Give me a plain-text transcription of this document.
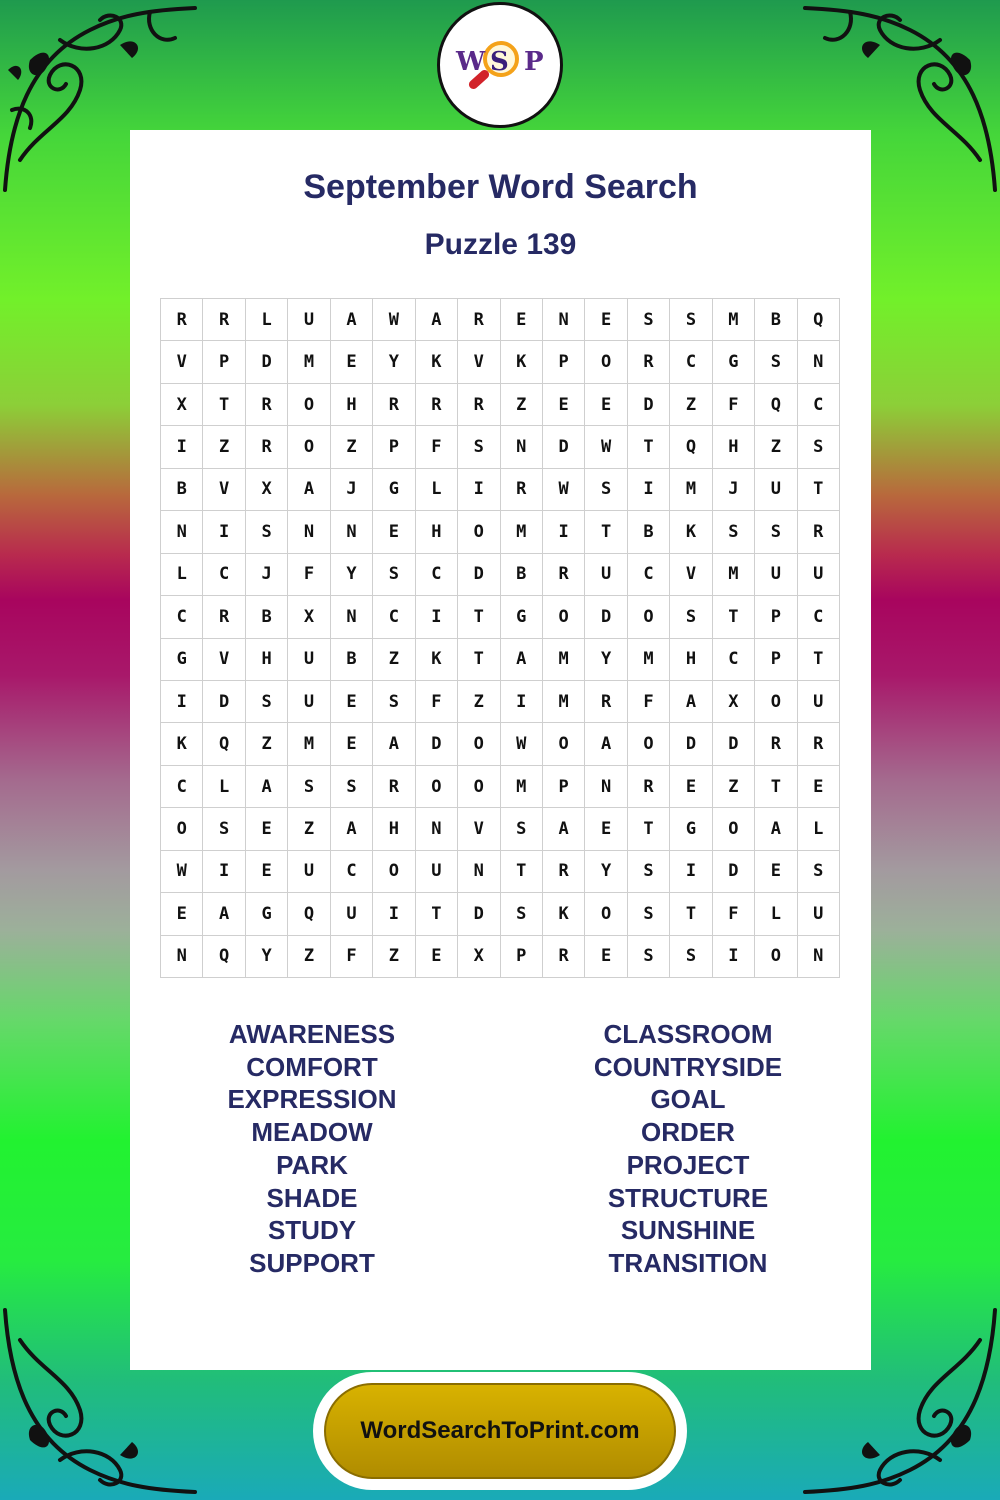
W S P
September Word Search
Puzzle 139
R	R	L	U	A	W	A	R	E	N	E	S	S	M	B	Q
V	P	D	M	E	Y	K	V	K	P	O	R	C	G	S	N
X	T	R	O	H	R	R	R	Z	E	E	D	Z	F	Q	C
I	Z	R	O	Z	P	F	S	N	D	W	T	Q	H	Z	S
B	V	X	A	J	G	L	I	R	W	S	I	M	J	U	T
N	I	S	N	N	E	H	O	M	I	T	B	K	S	S	R
L	C	J	F	Y	S	C	D	B	R	U	C	V	M	U	U
C	R	B	X	N	C	I	T	G	O	D	O	S	T	P	C
G	V	H	U	B	Z	K	T	A	M	Y	M	H	C	P	T
I	D	S	U	E	S	F	Z	I	M	R	F	A	X	O	U
K	Q	Z	M	E	A	D	O	W	O	A	O	D	D	R	R
C	L	A	S	S	R	O	O	M	P	N	R	E	Z	T	E
O	S	E	Z	A	H	N	V	S	A	E	T	G	O	A	L
W	I	E	U	C	O	U	N	T	R	Y	S	I	D	E	S
E	A	G	Q	U	I	T	D	S	K	O	S	T	F	L	U
N	Q	Y	Z	F	Z	E	X	P	R	E	S	S	I	O	N
AWARENESS
COMFORT
EXPRESSION
MEADOW
PARK
SHADE
STUDY
SUPPORT
CLASSROOM
COUNTRYSIDE
GOAL
ORDER
PROJECT
STRUCTURE
SUNSHINE
TRANSITION
WordSearchToPrint.com
